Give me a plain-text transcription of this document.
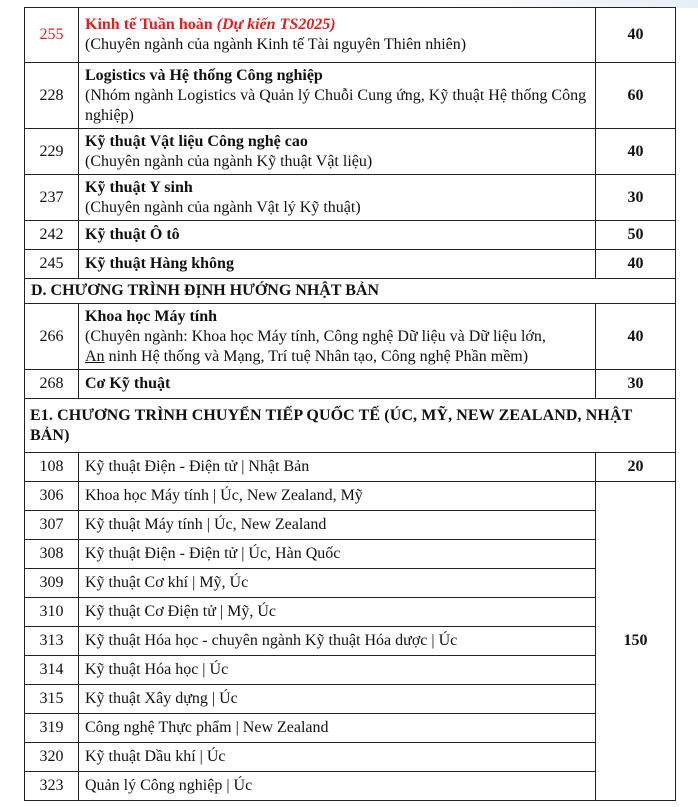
255	Kinh tế Tuần hoàn (Dự kiến TS2025)
(Chuyên ngành của ngành Kinh tế Tài nguyên Thiên nhiên)	40
228	Logistics và Hệ thống Công nghiệp
(Nhóm ngành Logistics và Quản lý Chuỗi Cung ứng, Kỹ thuật Hệ thống Công nghiệp)	60
229	Kỹ thuật Vật liệu Công nghệ cao
(Chuyên ngành của ngành Kỹ thuật Vật liệu)	40
237	Kỹ thuật Y sinh
(Chuyên ngành của ngành Vật lý Kỹ thuật)	30
242	Kỹ thuật Ô tô	50
245	Kỹ thuật Hàng không	40
D. CHƯƠNG TRÌNH ĐỊNH HƯỚNG NHẬT BẢN		
266	Khoa học Máy tính
(Chuyên ngành: Khoa học Máy tính, Công nghệ Dữ liệu và Dữ liệu lớn,
An ninh Hệ thống và Mạng, Trí tuệ Nhân tạo, Công nghệ Phần mềm)	40
268	Cơ Kỹ thuật	30
E1. CHƯƠNG TRÌNH CHUYỂN TIẾP QUỐC TẾ (ÚC, MỸ, NEW ZEALAND, NHẬT BẢN)		
108	Kỹ thuật Điện - Điện tử | Nhật Bản	20
306	Khoa học Máy tính | Úc, New Zealand, Mỹ	150
307	Kỹ thuật Máy tính | Úc, New Zealand	
308	Kỹ thuật Điện - Điện tử | Úc, Hàn Quốc	
309	Kỹ thuật Cơ khí | Mỹ, Úc	
310	Kỹ thuật Cơ Điện tử | Mỹ, Úc	
313	Kỹ thuật Hóa học - chuyên ngành Kỹ thuật Hóa dược | Úc	
314	Kỹ thuật Hóa học | Úc	
315	Kỹ thuật Xây dựng | Úc	
319	Công nghệ Thực phẩm | New Zealand	
320	Kỹ thuật Dầu khí | Úc	
323	Quản lý Công nghiệp | Úc	
